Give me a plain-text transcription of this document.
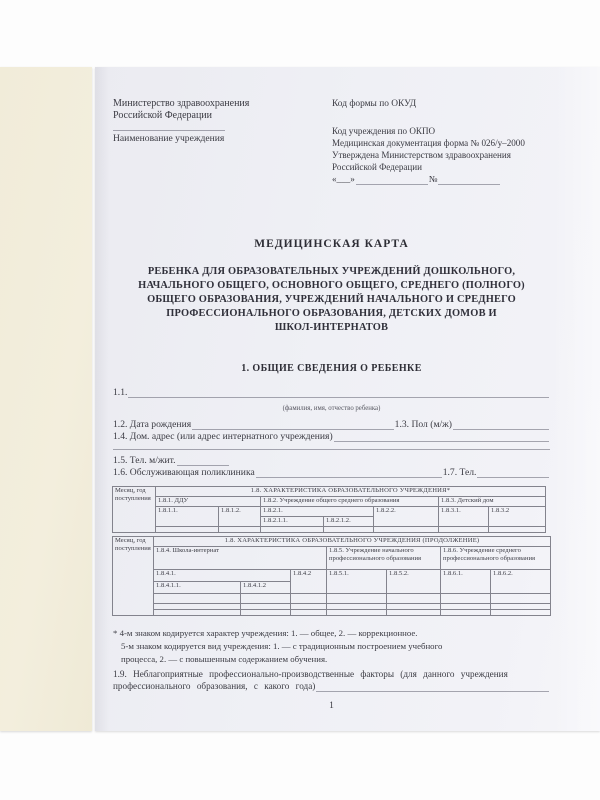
Министерство здравоохранения
Российской Федерации
Наименование учреждения
Код формы по ОКУД
Код учреждения по ОКПО
Медицинская документация форма № 026/у–2000
Утверждена Министерством здравоохранения
Российской Федерации
«___»	№
МЕДИЦИНСКАЯ КАРТА
РЕБЕНКА ДЛЯ ОБРАЗОВАТЕЛЬНЫХ УЧРЕЖДЕНИЙ ДОШКОЛЬНОГО,
НАЧАЛЬНОГО ОБЩЕГО, ОСНОВНОГО ОБЩЕГО, СРЕДНЕГО (ПОЛНОГО)
ОБЩЕГО ОБРАЗОВАНИЯ, УЧРЕЖДЕНИЙ НАЧАЛЬНОГО И СРЕДНЕГО
ПРОФЕССИОНАЛЬНОГО ОБРАЗОВАНИЯ, ДЕТСКИХ ДОМОВ И
ШКОЛ-ИНТЕРНАТОВ
1. ОБЩИЕ СВЕДЕНИЯ О РЕБЕНКЕ
1.1.
(фамилия, имя, отчество ребенка)
1.2. Дата рождения	1.3. Пол (м/ж)
1.4. Дом. адрес (или адрес интернатного учреждения)
1.5. Тел. м/жит.
1.6. Обслуживающая поликлиника	1.7. Тел.
Месяц, год поступления	1.8. ХАРАКТЕРИСТИКА ОБРАЗОВАТЕЛЬНОГО УЧРЕЖДЕНИЯ*						
	1.8.1. ДДУ		1.8.2. Учреждение общего среднего образования			1.8.3. Детский дом	
	1.8.1.1.	1.8.1.2.	1.8.2.1.		1.8.2.2.	1.8.3.1.	1.8.3.2
			1.8.2.1.1.	1.8.2.1.2.			

Месяц, год поступления	1.8. ХАРАКТЕРИСТИКА ОБРАЗОВАТЕЛЬНОГО УЧРЕЖДЕНИЯ (ПРОДОЛЖЕНИЕ)						
	1.8.4. Школа-интернат			1.8.5. Учреждение начального профессионального образования		1.8.6. Учреждение среднего профессионального образования	
	1.8.4.1.		1.8.4.2	1.8.5.1.	1.8.5.2.	1.8.6.1.	1.8.6.2.
	1.8.4.1.1.	1.8.4.1.2					

* 4-м знаком кодируется характер учреждения: 1. — общее, 2. — коррекционное.
5-м знаком кодируется вид учреждения: 1. — с традиционным построением учебного
процесса, 2. — с повышенным содержанием обучения.
1.9. Неблагоприятные профессионально-производственные факторы (для данного учреждения
профессионального образования, с какого года)
1
